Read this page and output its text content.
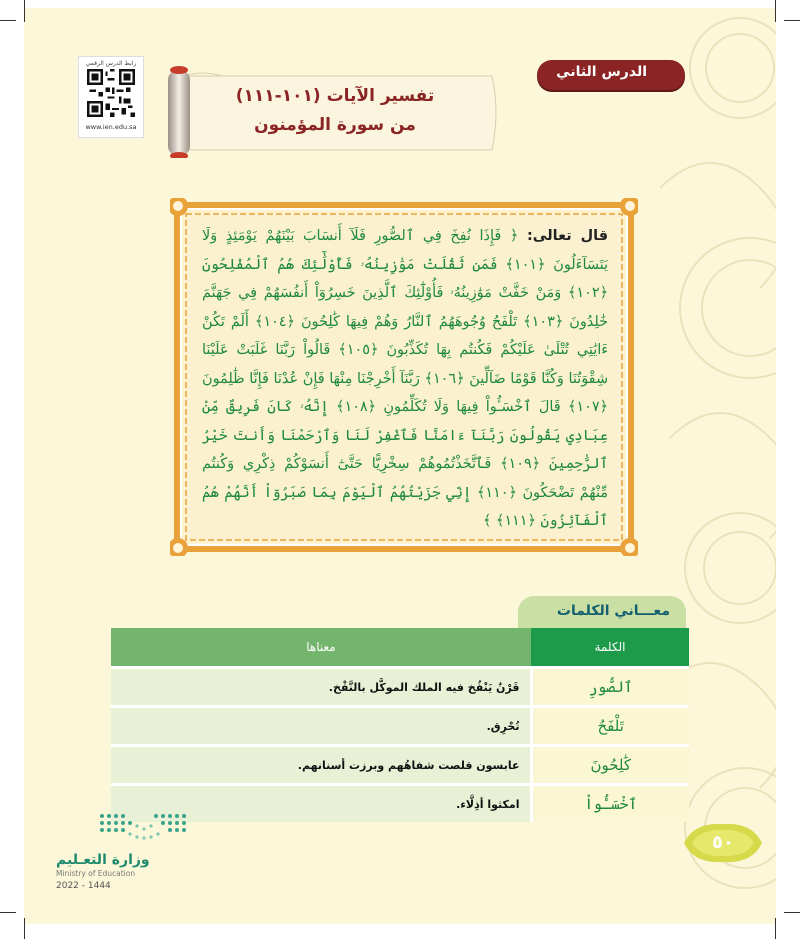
رابط الدرس الرقمي
www.ien.edu.sa
الدرس الثاني
تفسير الآيات (١٠١-١١١)
من سورة المؤمنون
قال تعالى: ﴿ فَإِذَا نُفِخَ فِي ٱلصُّورِ فَلَآ أَنسَابَ بَيْنَهُمْ يَوْمَئِذٍ وَلَا يَتَسَآءَلُونَ ﴿١٠١﴾ فَمَن ثَقُلَتْ مَوَٰزِينُهُۥ فَأُوْلَٰٓئِكَ هُمُ ٱلْمُفْلِحُونَ ﴿١٠٢﴾ وَمَنْ خَفَّتْ مَوَٰزِينُهُۥ فَأُوْلَٰٓئِكَ ٱلَّذِينَ خَسِرُوٓاْ أَنفُسَهُمْ فِي جَهَنَّمَ خَٰلِدُونَ ﴿١٠٣﴾ تَلْفَحُ وُجُوهَهُمُ ٱلنَّارُ وَهُمْ فِيهَا كَٰلِحُونَ ﴿١٠٤﴾ أَلَمْ تَكُنْ ءَايَٰتِي تُتْلَىٰ عَلَيْكُمْ فَكُنتُم بِهَا تُكَذِّبُونَ ﴿١٠٥﴾ قَالُواْ رَبَّنَا غَلَبَتْ عَلَيْنَا شِقْوَتُنَا وَكُنَّا قَوْمًا ضَآلِّينَ ﴿١٠٦﴾ رَبَّنَآ أَخْرِجْنَا مِنْهَا فَإِنْ عُدْنَا فَإِنَّا ظَٰلِمُونَ ﴿١٠٧﴾ قَالَ ٱخْسَـُٔواْ فِيهَا وَلَا تُكَلِّمُونِ ﴿١٠٨﴾ إِنَّهُۥ كَانَ فَرِيقٌ مِّنْ عِبَادِي يَقُولُونَ رَبَّنَآ ءَامَنَّا فَٱغْفِرْ لَنَا وَٱرْحَمْنَا وَأَنتَ خَيْرُ ٱلرَّٰحِمِينَ ﴿١٠٩﴾ فَٱتَّخَذْتُمُوهُمْ سِخْرِيًّا حَتَّىٰٓ أَنسَوْكُمْ ذِكْرِي وَكُنتُم مِّنْهُمْ تَضْحَكُونَ ﴿١١٠﴾ إِنِّي جَزَيْتُهُمُ ٱلْيَوْمَ بِمَا صَبَرُوٓاْ أَنَّهُمْ هُمُ ٱلْفَآئِزُونَ ﴿١١١﴾ ﴾
معـــاني الكلمات
الكلمة	معناها
ٱلصُّورِ	قَرْنٌ يَنْفُخ فيه الملك الموكَّل بالنَّفْخ.
تَلْفَحُ	تُحْرِق.
كَٰلِحُونَ	عابسون قلصت شفاهُهم وبرزت أسنانهم.
ٱخْسَـُٔواْ	امكثوا أذِلَّاء.
وزارة التعـليم
Ministry of Education
2022 - 1444
٥٠
